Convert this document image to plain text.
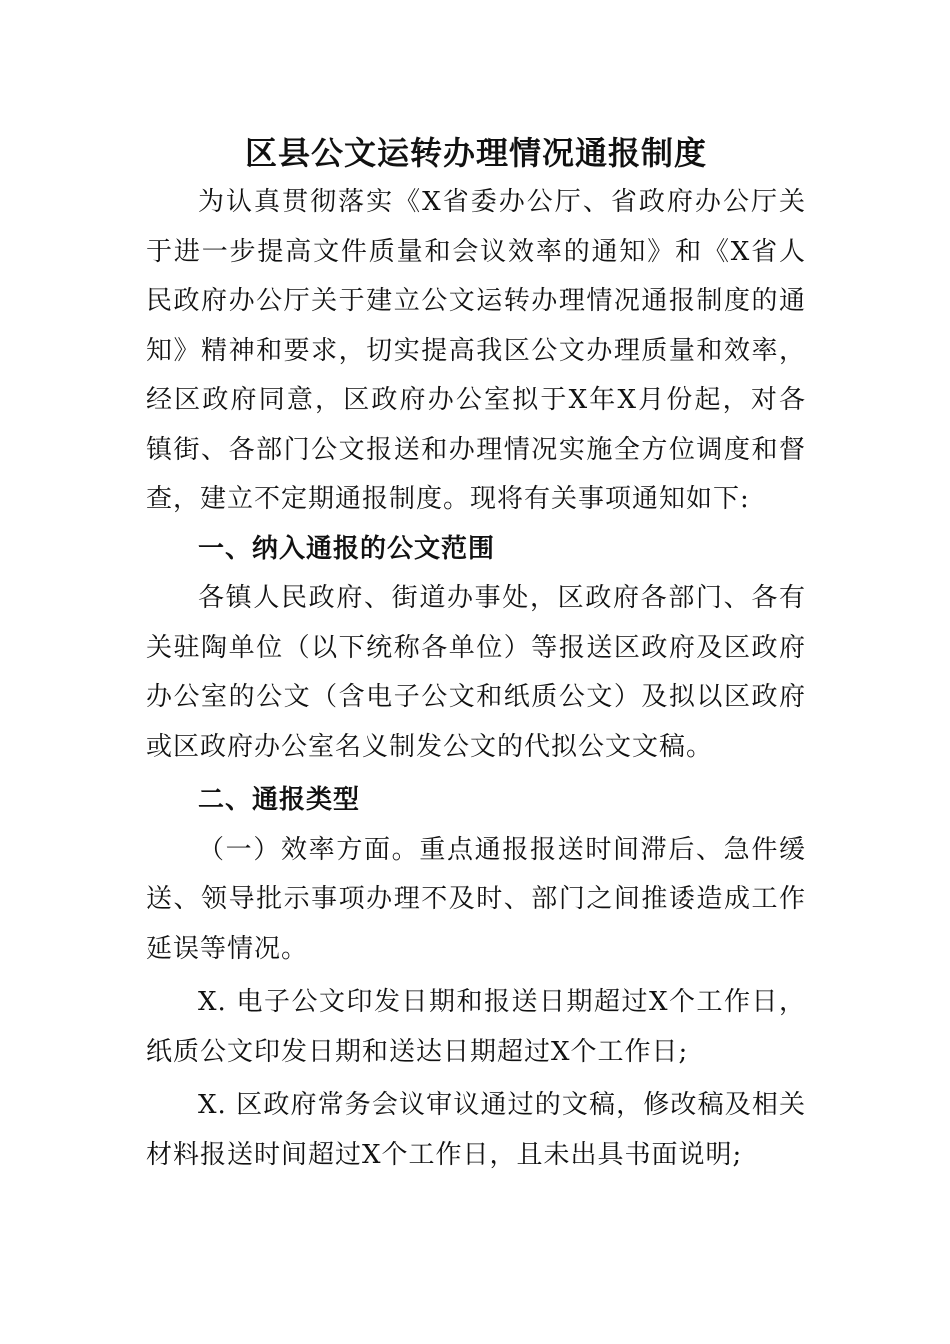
区县公文运转办理情况通报制度

为认真贯彻落实《X省委办公厅、省政府办公厅关于进一步提高文件质量和会议效率的通知》和《X省人民政府办公厅关于建立公文运转办理情况通报制度的通知》精神和要求，切实提高我区公文办理质量和效率，经区政府同意，区政府办公室拟于X年X月份起，对各镇街、各部门公文报送和办理情况实施全方位调度和督查，建立不定期通报制度。现将有关事项通知如下:

一、纳入通报的公文范围

各镇人民政府、街道办事处，区政府各部门、各有关驻陶单位（以下统称各单位）等报送区政府及区政府办公室的公文（含电子公文和纸质公文）及拟以区政府或区政府办公室名义制发公文的代拟公文文稿。

二、通报类型

（一）效率方面。重点通报报送时间滞后、急件缓送、领导批示事项办理不及时、部门之间推诿造成工作延误等情况。

X. 电子公文印发日期和报送日期超过X个工作日，纸质公文印发日期和送达日期超过X个工作日;

X. 区政府常务会议审议通过的文稿，修改稿及相关材料报送时间超过X个工作日，且未出具书面说明;
